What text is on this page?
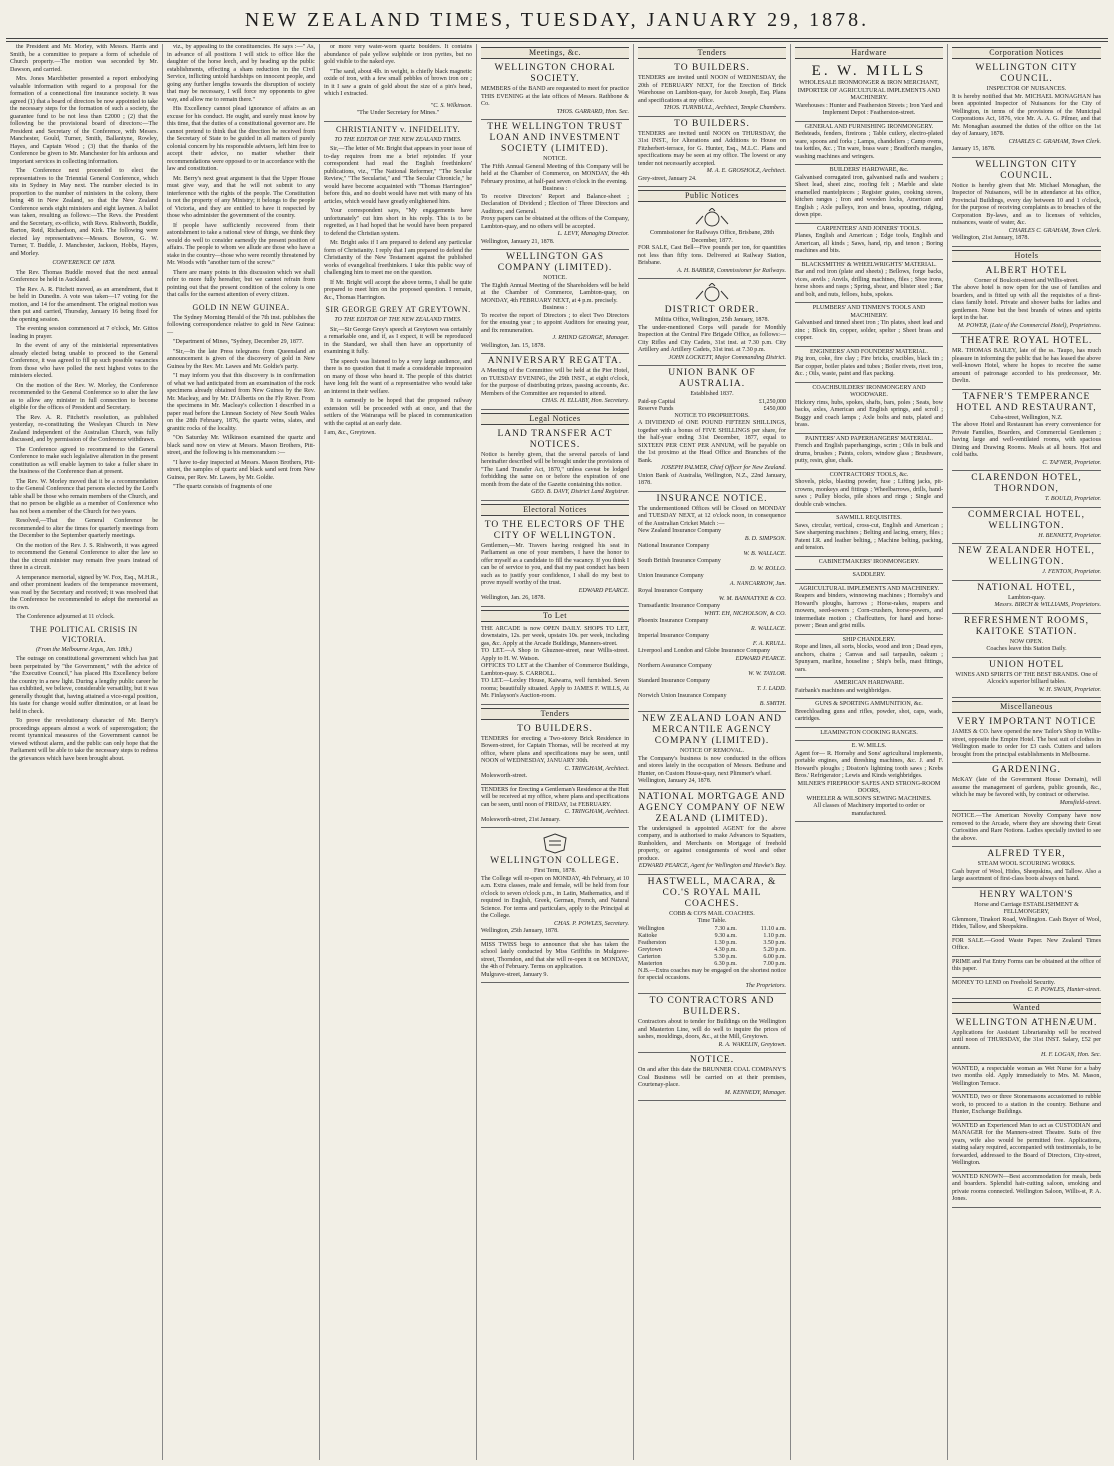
NEW ZEALAND TIMES, TUESDAY, JANUARY 29, 1878.

the President and Mr. Morley, with Messrs. Harris and Smith, be a committee to prepare a form of schedule of Church property.—The motion was seconded by Mr. Dawson, and carried.

Mrs. Jones Marchbetter presented a report embodying valuable information with regard to a proposal for the formation of a connectional fire insurance society. It was agreed (1) that a board of directors be now appointed to take the necessary steps for the formation of such a society, the guarantee fund to be not less than £2000 ; (2) that the following be the provisional board of directors:—The President and Secretary of the Conference, with Messrs. Manchester, Gould, Turner, Smith, Ballantyne, Rowley, Hayes, and Captain Wood ; (3) that the thanks of the Conference be given to Mr. Manchester for his arduous and important services in collecting information.

The Conference next proceeded to elect the representatives to the Triennial General Conference, which sits in Sydney in May next. The number elected is in proportion to the number of ministers in the colony, there being 48 in New Zealand, so that the New Zealand Conference sends eight ministers and eight laymen. A ballot was taken, resulting as follows:—The Revs. the President and the Secretary, ex-officio, with Revs. Rishworth, Buddle, Barton, Reid, Richardson, and Kirk. The following were elected lay representatives:—Messrs. Bowron, G. W. Turner, T. Buddle, J. Manchester, Jackson, Hobbs, Hayes, and Morley.

CONFERENCE OF 1878.

The Rev. Thomas Buddle moved that the next annual Conference be held in Auckland.

The Rev. A. R. Fitchett moved, as an amendment, that it be held in Dunedin. A vote was taken—17 voting for the motion, and 14 for the amendment. The original motion was then put and carried, Thursday, January 16 being fixed for the opening session.

The evening session commenced at 7 o'clock, Mr. Gittos leading in prayer.

In the event of any of the ministerial representatives already elected being unable to proceed to the General Conference, it was agreed to fill up such possible vacancies from those who have polled the next highest votes to the ministers elected.

On the motion of the Rev. W. Morley, the Conference recommended to the General Conference so to alter the law as to allow any minister in full connection to become eligible for the offices of President and Secretary.

The Rev. A. R. Fitchett's resolution, as published yesterday, re-constituting the Wesleyan Church in New Zealand independent of the Australian Church, was fully discussed, and by permission of the Conference withdrawn.

The Conference agreed to recommend to the General Conference to make such legislative alteration in the present constitution as will enable laymen to take a fuller share in the business of the Conference than at present.

The Rev. W. Morley moved that it be a recommendation to the General Conference that persons elected by the Lord's table shall be those who remain members of the Church, and that no person be eligible as a member of Conference who has not been a member of the Church for two years.

Resolved,—That the General Conference be recommended to alter the times for quarterly meetings from the December to the September quarterly meetings.

On the motion of the Rev. J. S. Rishworth, it was agreed to recommend the General Conference to alter the law so that the circuit minister may remain five years instead of three in a circuit.

A temperance memorial, signed by W. Fox, Esq., M.H.R., and other prominent leaders of the temperance movement, was read by the Secretary and received; it was resolved that the Conference be recommended to adopt the memorial as its own.

The Conference adjourned at 11 o'clock.

THE POLITICAL CRISIS IN VICTORIA.
(From the Melbourne Argus, Jan. 18th.)

The outrage on constitutional government which has just been perpetrated by "the Government," with the advice of "the Executive Council," has placed His Excellency before the country in a new light. During a lengthy public career he has exhibited, we believe, considerable versatility, but it was generally thought that, having attained a vice-regal position, his taste for change would suffer diminution, or at least be held in check.

To prove the revolutionary character of Mr. Berry's proceedings appears almost a work of supererogation; the recent tyrannical measures of the Government cannot be viewed without alarm, and the public can only hope that the Parliament will be able to take the necessary steps to redress the grievances which have been brought about.

viz., by appealing to the constituencies. He says :—" As, in advance of all positions I will stick to office like the daughter of the horse leech, and by heading up the public establishments, effecting a sham reduction in the Civil Service, inflicting untold hardships on innocent people, and going any further lengths towards the disruption of society that may be necessary, I will force my opponents to give way, and allow me to remain there."

His Excellency cannot plead ignorance of affairs as an excuse for his conduct. He ought, and surely must know by this time, that the duties of a constitutional governor are. He cannot pretend to think that the direction he received from the Secretary of State to be guided in all matters of purely colonial concern by his responsible advisers, left him free to accept their advice, no matter whether their recommendations were opposed to or in accordance with the law and constitution.

Mr. Berry's next great argument is that the Upper House must give way, and that he will not submit to any interference with the rights of the people. The Constitution is not the property of any Ministry; it belongs to the people of Victoria, and they are entitled to have it respected by those who administer the government of the country.

If people have sufficiently recovered from their astonishment to take a rational view of things, we think they would do well to consider earnestly the present position of affairs. The people to whom we allude are those who have a stake in the country—those who were recently threatened by Mr. Woods with "another turn of the screw."

There are many points in this discussion which we shall refer to more fully hereafter, but we cannot refrain from pointing out that the present condition of the colony is one that calls for the earnest attention of every citizen.

GOLD IN NEW GUINEA.

The Sydney Morning Herald of the 7th inst. publishes the following correspondence relative to gold in New Guinea:—

"Department of Mines, "Sydney, December 29, 1877.

"Sir,—In the late Press telegrams from Queensland an announcement is given of the discovery of gold in New Guinea by the Rev. Mr. Lawes and Mr. Goldie's party.

"I may inform you that this discovery is in confirmation of what we had anticipated from an examination of the rock specimens already obtained from New Guinea by the Rev. Mr. Macleay, and by Mr. D'Albertis on the Fly River. From the specimens in Mr. Macleay's collection I described in a paper read before the Linnean Society of New South Wales on the 28th February, 1876, the quartz veins, slates, and granitic rocks of the locality.

"On Saturday Mr. Wilkinson examined the quartz and black sand now on view at Messrs. Mason Brothers, Pitt-street, and the following is his memorandum :—

"I have to-day inspected at Messrs. Mason Brothers, Pitt-street, the samples of quartz and black sand sent from New Guinea, per Rev. Mr. Lawes, by Mr. Goldie.

"The quartz consists of fragments of one

or more very water-worn quartz boulders. It contains abundance of pale yellow sulphide or iron pyrites, but no gold visible to the naked eye.

"The sand, about 4lb. in weight, is chiefly black magnetic oxide of iron, with a few small pebbles of brown iron ore ; in it I saw a grain of gold about the size of a pin's head, which I extracted.

"C. S. Wilkinson.
"The Under Secretary for Mines."
CHRISTIANITY v. INFIDELITY.
TO THE EDITOR OF THE NEW ZEALAND TIMES.

Sir,—The letter of Mr. Bright that appears in your issue of to-day requires from me a brief rejoinder. If your correspondent had read the English freethinkers' publications, viz., "The National Reformer," "The Secular Review," "The Secularist," and "The Secular Chronicle," he would have become acquainted with "Thomas Harrington" before this, and no doubt would have met with many of his articles, which would have greatly enlightened him.

Your correspondent says, "My engagements have unfortunately" cut him short in his reply. This is to be regretted, as I had hoped that he would have been prepared to defend the Christian system.

Mr. Bright asks if I am prepared to defend any particular form of Christianity. I reply that I am prepared to defend the Christianity of the New Testament against the published works of evangelical freethinkers. I take this public way of challenging him to meet me on the question.

If Mr. Bright will accept the above terms, I shall be quite prepared to meet him on the proposed question. I remain, &c., Thomas Harrington.

SIR GEORGE GREY AT GREYTOWN.
TO THE EDITOR OF THE NEW ZEALAND TIMES.

Sir,—Sir George Grey's speech at Greytown was certainly a remarkable one, and if, as I expect, it will be reproduced in the Standard, we shall then have an opportunity of examining it fully.

The speech was listened to by a very large audience, and there is no question that it made a considerable impression on many of those who heard it. The people of this district have long felt the want of a representative who would take an interest in their welfare.

It is earnestly to be hoped that the proposed railway extension will be proceeded with at once, and that the settlers of the Wairarapa will be placed in communication with the capital at an early date.

I am, &c., Greytown.
Meetings, &c.
WELLINGTON CHORAL SOCIETY.
MEMBERS of the BAND are requested to meet for practice THIS EVENING at the late offices of Messrs. Rathbone & Co.
THOS. GARRARD, Hon. Sec.
THE WELLINGTON TRUST LOAN AND INVESTMENT SOCIETY (LIMITED).
NOTICE.
The Fifth Annual General Meeting of this Company will be held at the Chamber of Commerce, on MONDAY, the 4th February proximo, at half-past seven o'clock in the evening.
Business :
To receive Directors' Report and Balance-sheet ; Declaration of Dividend ; Election of Three Directors and Auditors; and General.
Proxy papers can be obtained at the offices of the Company, Lambton-quay, and no others will be accepted.
L. LEVY, Managing Director.
Wellington, January 21, 1878.
WELLINGTON GAS COMPANY (LIMITED).
NOTICE.
The Eighth Annual Meeting of the Shareholders will be held at the Chamber of Commerce, Lambton-quay, on MONDAY, 4th FEBRUARY NEXT, at 4 p.m. precisely.
Business :
To receive the report of Directors ; to elect Two Directors for the ensuing year ; to appoint Auditors for ensuing year, and fix remuneration.
J. RHIND GEORGE, Manager.
Wellington, Jan. 15, 1878.
ANNIVERSARY REGATTA.
A Meeting of the Committee will be held at the Pier Hotel, on TUESDAY EVENING, the 29th INST., at eight o'clock, for the purpose of distributing prizes, passing accounts, &c. Members of the Committee are requested to attend.
CHAS. H. ELLABY, Hon. Secretary.
Legal Notices
LAND TRANSFER ACT NOTICES.
Notice is hereby given, that the several parcels of land hereinafter described will be brought under the provisions of "The Land Transfer Act, 1870," unless caveat be lodged forbidding the same on or before the expiration of one month from the date of the Gazette containing this notice.
GEO. B. DAVY, District Land Registrar.
Electoral Notices
TO THE ELECTORS OF THE CITY OF WELLINGTON.
Gentlemen,—Mr. Travers having resigned his seat in Parliament as one of your members, I have the honor to offer myself as a candidate to fill the vacancy. If you think I can be of service to you, and that my past conduct has been such as to justify your confidence, I shall do my best to prove myself worthy of the trust.
EDWARD PEARCE.
Wellington, Jan. 26, 1878.
To Let
THE ARCADE is now OPEN DAILY. SHOPS TO LET, downstairs, 12s. per week, upstairs 10s. per week, including gas, &c. Apply at the Arcade Buildings, Manners-street.
TO LET.—A Shop in Ghuznee-street, near Willis-street. Apply to H. W. Watson.
OFFICES TO LET at the Chamber of Commerce Buildings, Lambton-quay. S. CARROLL.
TO LET.—Lexley House, Kaiwarra, well furnished. Seven rooms; beautifully situated. Apply to JAMES F. WILLS, At Mr. Finlayson's Auction-room.
Tenders
TO BUILDERS.
TENDERS for erecting a Two-storey Brick Residence in Bowen-street, for Captain Thomas, will be received at my office, where plans and specifications may be seen, until NOON of WEDNESDAY, JANUARY 30th.
C. TRINGHAM, Architect.
Molesworth-street.
TENDERS for Erecting a Gentleman's Residence at the Hutt will be received at my office, where plans and specifications can be seen, until noon of FRIDAY, 1st FEBRUARY.
C. TRINGHAM, Architect.
Molesworth-street, 21st January.
WELLINGTON COLLEGE.
First Term, 1878.
The College will re-open on MONDAY, 4th February, at 10 a.m. Extra classes, male and female, will be held from four o'clock to seven o'clock p.m., in Latin, Mathematics, and if required in English, Greek, German, French, and Natural Science. For terms and particulars, apply to the Principal at the College.
CHAS. P. POWLES, Secretary.
Wellington, 25th January, 1878.
MISS TWISS begs to announce that she has taken the school lately conducted by Miss Griffiths in Mulgrave-street, Thorndon, and that she will re-open it on MONDAY, the 4th of February. Terms on application.
Mulgrave-street, January 9.
Tenders
TO BUILDERS.
TENDERS are invited until NOON of WEDNESDAY, the 20th of FEBRUARY NEXT, for the Erection of Brick Warehouse on Lambton-quay, for Jacob Joseph, Esq. Plans and specifications at my office.
THOS. TURNBULL, Architect, Temple Chambers.
TO BUILDERS.
TENDERS are invited until NOON on THURSDAY, the 31st INST., for Alterations and Additions to House on Fitzherbert-terrace, for G. Hunter, Esq., M.L.C. Plans and specifications may be seen at my office. The lowest or any tender not necessarily accepted.
M. A. E. GROSHOLZ, Architect.
Grey-street, January 24.
Public Notices
Commissioner for Railways Office, Brisbane, 28th December, 1877.
FOR SALE, Cast Bell—Five pounds per ton, for quantities not less than fifty tons. Delivered at Railway Station, Brisbane.
A. H. BARBER, Commissioner for Railways.
DISTRICT ORDER.
Militia Office, Wellington, 25th January, 1878.
The under-mentioned Corps will parade for Monthly Inspection at the Central Fire Brigade Office, as follows:— City Rifles and City Cadets, 31st inst. at 7.30 p.m. City Artillery and Artillery Cadets, 31st inst. at 7.30 p.m.
JOHN LOCKETT, Major Commanding District.
UNION BANK OF AUSTRALIA.
Established 1837.
Paid-up Capital	£1,250,000
Reserve Funds	£450,000
NOTICE TO PROPRIETORS.
A DIVIDEND of ONE POUND FIFTEEN SHILLINGS, together with a bonus of FIVE SHILLINGS per share, for the half-year ending 31st December, 1877, equal to SIXTEEN PER CENT PER ANNUM, will be payable on the 1st proximo at the Head Office and Branches of the Bank.
JOSEPH PALMER, Chief Officer for New Zealand.
Union Bank of Australia, Wellington, N.Z., 22nd January, 1878.
INSURANCE NOTICE.
The undermentioned Offices will be Closed on MONDAY and TUESDAY NEXT, at 12 o'clock noon, in consequence of the Australian Cricket Match :—
New Zealand Insurance Company
B. D. SIMPSON.
National Insurance Company
W. B. WALLACE.
South British Insurance Company
D. W. ROLLO.
Union Insurance Company
A. NANCARROW, Jun.
Royal Insurance Company
W. M. BANNATYNE & CO.
Transatlantic Insurance Company
WHIT. EH, NICHOLSON, & CO.
Phoenix Insurance Company
R. WALLACE.
Imperial Insurance Company
F. A. KRULL.
Liverpool and London and Globe Insurance Company
EDWARD PEARCE.
Northern Assurance Company
W. W. TAYLOR.
Standard Insurance Company
T. J. LADD.
Norwich Union Insurance Company
B. SMITH.
NEW ZEALAND LOAN AND MERCANTILE AGENCY COMPANY (LIMITED).
NOTICE OF REMOVAL.
The Company's business is now conducted in the offices and stores lately in the occupation of Messrs. Bethune and Hunter, on Custom House-quay, next Plimmer's wharf.
Wellington, January 24, 1878.
NATIONAL MORTGAGE AND AGENCY COMPANY OF NEW ZEALAND (LIMITED).
The undersigned is appointed AGENT for the above company, and is authorised to make Advances to Squatters, Runholders, and Merchants on Mortgage of freehold property, or against consignments of wool and other produce.
EDWARD PEARCE, Agent for Wellington and Hawke's Bay.
HASTWELL, MACARA, & CO.'S ROYAL MAIL COACHES.
COBB & CO'S MAIL COACHES.
Time Table.
Wellington	7.30 a.m.	11.10 a.m.
Kaitoke	9.30 a.m.	1.10 p.m.
Featherston	1.30 p.m.	3.50 p.m.
Greytown	4.30 p.m.	5.20 p.m.
Carterton	5.30 p.m.	6.00 p.m.
Masterton	6.30 p.m.	7.00 p.m.
N.B.—Extra coaches may be engaged on the shortest notice for special occasions.
The Proprietors.
TO CONTRACTORS AND BUILDERS.
Contractors about to tender for Buildings on the Wellington and Masterton Line, will do well to inquire the prices of sashes, mouldings, doors, &c., at the Mill, Greytown.
R. A. WAKELIN, Greytown.
NOTICE.
On and after this date the BRUNNER COAL COMPANY'S Coal Business will be carried on at their premises, Courtenay-place.
M. KENNEDY, Manager.
Hardware
E. W. MILLS
WHOLESALE IRONMONGER & IRON MERCHANT,
IMPORTER OF AGRICULTURAL IMPLEMENTS AND MACHINERY.
Warehouses : Hunter and Featherston Streets ; Iron Yard and Implement Depot : Featherston-street.
GENERAL AND FURNISHING IRONMONGERY.
Bedsteads, fenders, fireirons ; Table cutlery, electro-plated ware, spoons and forks ; Lamps, chandeliers ; Camp ovens, tea kettles, &c. ; Tin ware, brass ware ; Bradford's mangles, washing machines and wringers.
BUILDERS' HARDWARE, &c.
Galvanised corrugated iron, galvanised nails and washers ; Sheet lead, sheet zinc, roofing felt ; Marble and slate enamelled mantelpieces ; Register grates, cooking stoves, kitchen ranges ; Iron and wooden locks, American and English ; Axle pulleys, iron and brass, spouting, ridging, down pipe.
CARPENTERS' AND JOINERS' TOOLS.
Planes, English and American ; Edge tools, English and American, all kinds ; Saws, hand, rip, and tenon ; Boring machines and bits.
BLACKSMITHS' & WHEELWRIGHTS' MATERIAL.
Bar and rod iron (plate and sheets) ; Bellows, forge backs, vices, anvils ; Anvils, drilling machines, files ; Shoe irons, horse shoes and rasps ; Spring, shear, and blister steel ; Bar and bolt, and nuts, felloes, hubs, spokes.
PLUMBERS' AND TINMEN'S TOOLS AND MACHINERY.
Galvanised and tinned sheet iron ; Tin plates, sheet lead and zinc ; Block tin, copper, solder, spelter ; Sheet brass and copper.
ENGINEERS' AND FOUNDERS' MATERIAL.
Pig iron, coke, fire clay ; Fire bricks, crucibles, black tin ; Bar copper, boiler plates and tubes ; Boiler rivets, rivet iron, &c. ; Oils, waste, paint and flax packing.
COACHBUILDERS' IRONMONGERY AND WOODWARE.
Hickory rims, hubs, spokes, shafts, bars, poles ; Seats, bow backs, axles, American and English springs, and scroll ; Buggy and coach lamps ; Axle bolts and nuts, plated and brass.
PAINTERS' AND PAPERHANGERS' MATERIAL.
French and English paperhangings, scrim ; Oils in bulk and drums, brushes ; Paints, colors, window glass ; Brushware, putty, resin, glue, chalk.
CONTRACTORS' TOOLS, &c.
Shovels, picks, blasting powder, fuse ; Lifting jacks, pit-crowns, monkeys and fittings ; Wheelbarrows, drills, hand-saws ; Pulley blocks, pile shoes and rings ; Single and double crab winches.
SAWMILL REQUISITES.
Saws, circular, vertical, cross-cut, English and American ; Saw sharpening machines ; Belting and lacing, emery, files ; Patent I.R. and leather belting, ; Machine belting, packing, and tension.
CABINETMAKERS' IRONMONGERY.
SADDLERY.
AGRICULTURAL IMPLEMENTS AND MACHINERY.
Reapers and binders, winnowing machines ; Hornsby's and Howard's ploughs, harrows ; Horse-rakes, reapers and mowers, seed-sowers ; Corn-crushers, horse-powers, and intermediate motion ; Chaffcutters, for hand and horse-power ; Bean and grist mills.
SHIP CHANDLERY.
Rope and lines, all sorts, blocks, wood and iron ; Dead eyes, anchors, chains ; Canvas and sail tarpaulin, oakum ; Spunyarn, marline, houseline ; Ship's bells, mast fittings, oars.
AMERICAN HARDWARE.
Fairbank's machines and weighbridges.
GUNS & SPORTING AMMUNITION, &c.
Breechloading guns and rifles, powder, shot, caps, wads, cartridges.
LEAMINGTON COOKING RANGES.
E. W. MILLS.
Agent for— R. Hornsby and Sons' agricultural implements, portable engines, and threshing machines, &c. J. and F. Howard's ploughs ; Disston's lightning tooth saws ; Krebs Bros.' Refrigerator ; Lewis and Kinds weighbridges.
MILNER'S FIREPROOF SAFES AND STRONG-ROOM DOORS,
WHEELER & WILSON'S SEWING MACHINES.
All classes of Machinery imported to order or manufactured.
Corporation Notices
WELLINGTON CITY COUNCIL.
INSPECTOR OF NUISANCES.
It is hereby notified that Mr. MICHAEL MONAGHAN has been appointed Inspector of Nuisances for the City of Wellington, in terms of the provisions of the Municipal Corporations Act, 1876, vice Mr. A. A. G. Pilmer, and that Mr. Monaghan assumed the duties of the office on the 1st day of January, 1878.
CHARLES C. GRAHAM, Town Clerk.
January 15, 1878.
WELLINGTON CITY COUNCIL.
Notice is hereby given that Mr. Michael Monaghan, the Inspector of Nuisances, will be in attendance at his office, Provincial Buildings, every day between 10 and 1 o'clock, for the purpose of receiving complaints as to breaches of the Corporation By-laws, and as to licenses of vehicles, nuisances, waste of water, &c.
CHARLES C. GRAHAM, Town Clerk.
Wellington, 21st January, 1878.
Hotels
ALBERT HOTEL
Corner of Boulcott-street and Willis-street.
The above hotel is now open for the use of families and boarders, and is fitted up with all the requisites of a first-class family hotel. Private and shower baths for ladies and gentlemen. None but the best brands of wines and spirits kept in the bar.
M. POWER, (Late of the Commercial Hotel), Proprietress.
THEATRE ROYAL HOTEL.
MR. THOMAS BAILEY, late of the ss. Taupo, has much pleasure in informing the public that he has leased the above well-known Hotel, where he hopes to receive the same amount of patronage accorded to his predecessor, Mr. Devlin.
TAFNER'S TEMPERANCE HOTEL AND RESTAURANT,
Cuba-street, Wellington, N.Z.
The above Hotel and Restaurant has every convenience for Private Families, Boarders, and Commercial Gentlemen ; having large and well-ventilated rooms, with spacious Dining and Drawing Rooms. Meals at all hours. Hot and cold baths.
C. TAFNER, Proprietor.
CLARENDON HOTEL, THORNDON,
T. BOULD, Proprietor.
COMMERCIAL HOTEL, WELLINGTON.
H. BENNETT, Proprietor.
NEW ZEALANDER HOTEL, WELLINGTON.
J. FENTON, Proprietor.
NATIONAL HOTEL,
Lambton-quay.
Messrs. BIRCH & WILLIAMS, Proprietors.
REFRESHMENT ROOMS, KAITOKE STATION.
NOW OPEN.
Coaches leave this Station Daily.
UNION HOTEL
WINES AND SPIRITS OF THE BEST BRANDS. One of Alcock's superior billiard tables.
W. H. SWAIN, Proprietor.
Miscellaneous
VERY IMPORTANT NOTICE
JAMES & CO. have opened the new Tailor's Shop in Willis-street, opposite the Empire Hotel. The best suit of clothes in Wellington made to order for £3 cash. Cutters and tailors brought from the principal establishments in Melbourne.
GARDENING.
McKAY (late of the Government House Domain), will assume the management of gardens, public grounds, &c., which he may be favored with, by contract or otherwise.
Mansfield-street.
NOTICE.—The American Novelty Company have now removed to the Arcade, where they are showing their Great Curiosities and Rare Notions. Ladies specially invited to see the above.
ALFRED TYER,
STEAM WOOL SCOURING WORKS.
Cash buyer of Wool, Hides, Sheepskins, and Tallow. Also a large assortment of first-class boots always on hand.
HENRY WALTON'S
Horse and Carriage ESTABLISHMENT & FELLMONGERY,
Glenmore, Tinakori Road, Wellington. Cash Buyer of Wool, Hides, Tallow, and Sheepskins.
FOR SALE.—Good Waste Paper. New Zealand Times Office.
PRIME and Fat Entry Forms can be obtained at the office of this paper.
MONEY TO LEND on Freehold Security.
C. P. POWLES, Hunter-street.
Wanted
WELLINGTON ATHENÆUM.
Applications for Assistant Librarianship will be received until noon of THURSDAY, the 31st INST. Salary, £52 per annum.
H. F. LOGAN, Hon. Sec.
WANTED, a respectable woman as Wet Nurse for a baby two months old. Apply immediately to Mrs. M. Mason, Wellington Terrace.
WANTED, two or three Stonemasons accustomed to rubble work, to proceed to a station in the country. Bethune and Hunter, Exchange Buildings.
WANTED an Experienced Man to act as CUSTODIAN and MANAGER for the Manners-street Theatre. Suits of five years, wife also would be permitted free. Applications, stating salary required, accompanied with testimonials, to be forwarded, addressed to the Board of Directors, City-street, Wellington.
WANTED KNOWN—Best accommodation for meals, beds and boarders. Splendid hair-cutting saloon, smoking and private rooms connected. Wellington Saloon, Willis-st, P. A. Jones.
